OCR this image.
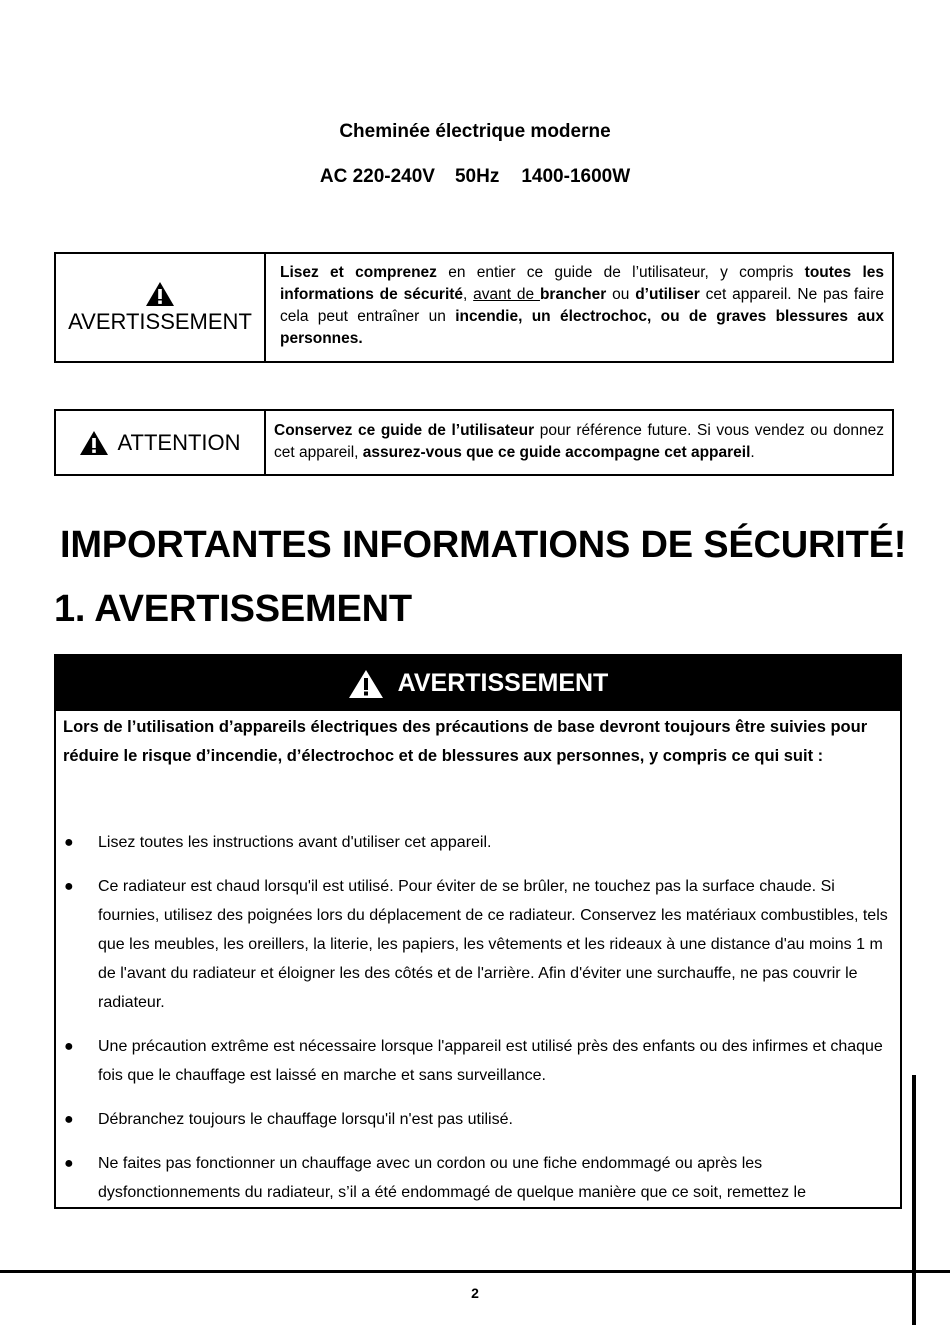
Cheminée électrique moderne
AC 220-240V 50Hz 1400-1600W
AVERTISSEMENT
Lisez et comprenez en entier ce guide de l’utilisateur, y compris toutes les informations de sécurité, avant de brancher ou d’utiliser cet appareil. Ne pas faire cela peut entraîner un incendie, un électrochoc, ou de graves blessures aux personnes.
ATTENTION	Conservez ce guide de l’utilisateur pour référence future. Si vous vendez ou donnez cet appareil, assurez-vous que ce guide accompagne cet appareil.
IMPORTANTES INFORMATIONS DE SÉCURITÉ!
1. AVERTISSEMENT
AVERTISSEMENT
Lors de l’utilisation d’appareils électriques des précautions de base devront toujours être suivies pour réduire le risque d’incendie, d’électrochoc et de blessures aux personnes, y compris ce qui suit :
● Lisez toutes les instructions avant d'utiliser cet appareil.
● Ce radiateur est chaud lorsqu'il est utilisé. Pour éviter de se brûler, ne touchez pas la surface chaude. Si fournies, utilisez des poignées lors du déplacement de ce radiateur. Conservez les matériaux combustibles, tels que les meubles, les oreillers, la literie, les papiers, les vêtements et les rideaux à une distance d'au moins 1 m de l'avant du radiateur et éloigner les des côtés et de l'arrière. Afin d'éviter une surchauffe, ne pas couvrir le radiateur.
● Une précaution extrême est nécessaire lorsque l'appareil est utilisé près des enfants ou des infirmes et chaque fois que le chauffage est laissé en marche et sans surveillance.
● Débranchez toujours le chauffage lorsqu'il n'est pas utilisé.
● Ne faites pas fonctionner un chauffage avec un cordon ou une fiche endommagé ou après les dysfonctionnements du radiateur, s’il a été endommagé de quelque manière que ce soit, remettez le
2
